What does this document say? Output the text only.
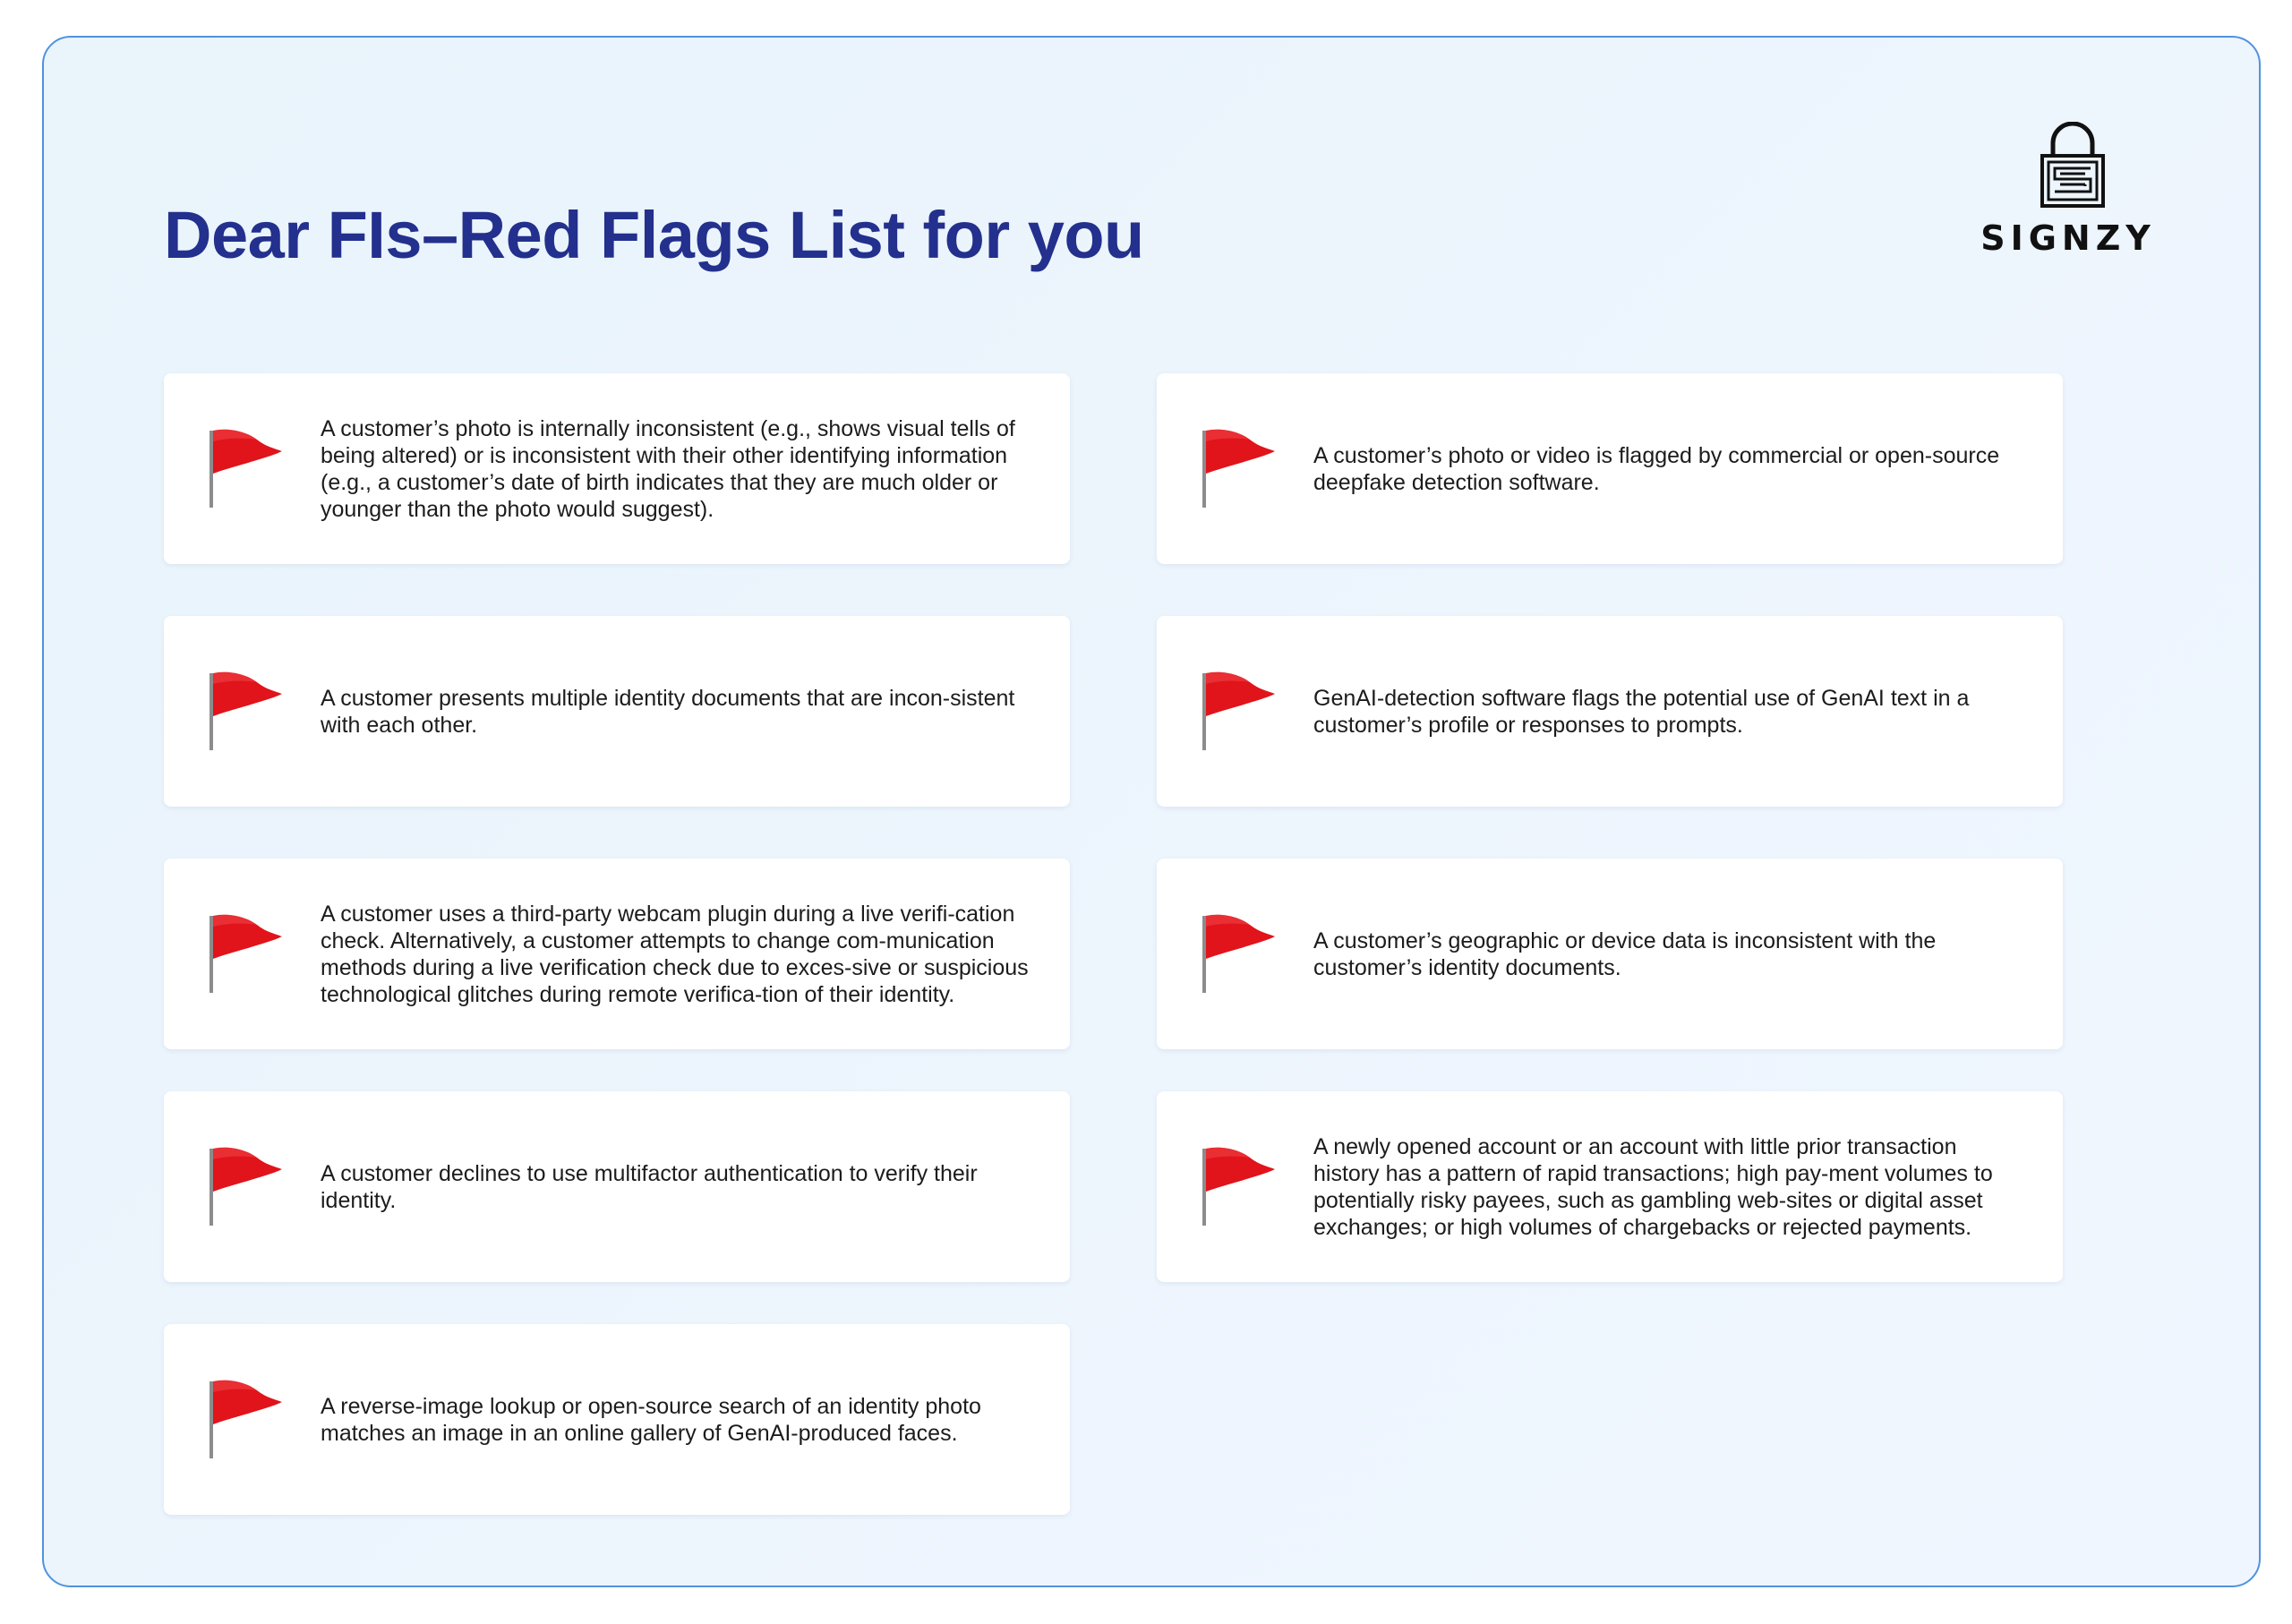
Dear FIs–Red Flags List for you	SIGNZY
A customer’s photo is internally inconsistent (e.g., shows visual tells of being altered) or is inconsistent with their other identifying information (e.g., a customer’s date of birth indicates that they are much older or younger than the photo would suggest).
A customer’s photo or video is flagged by commercial or open-source deepfake detection software.
A customer presents multiple identity documents that are incon-sistent with each other.
GenAI-detection software flags the potential use of GenAI text in a customer’s profile or responses to prompts.
A customer uses a third-party webcam plugin during a live verifi-cation check. Alternatively, a customer attempts to change com-munication methods during a live verification check due to exces-sive or suspicious technological glitches during remote verifica-tion of their identity.
A customer’s geographic or device data is inconsistent with the customer’s identity documents.
A customer declines to use multifactor authentication to verify their identity.
A newly opened account or an account with little prior transaction history has a pattern of rapid transactions; high pay-ment volumes to potentially risky payees, such as gambling web-sites or digital asset exchanges; or high volumes of chargebacks or rejected payments.
A reverse-image lookup or open-source search of an identity photo matches an image in an online gallery of GenAI-produced faces.
